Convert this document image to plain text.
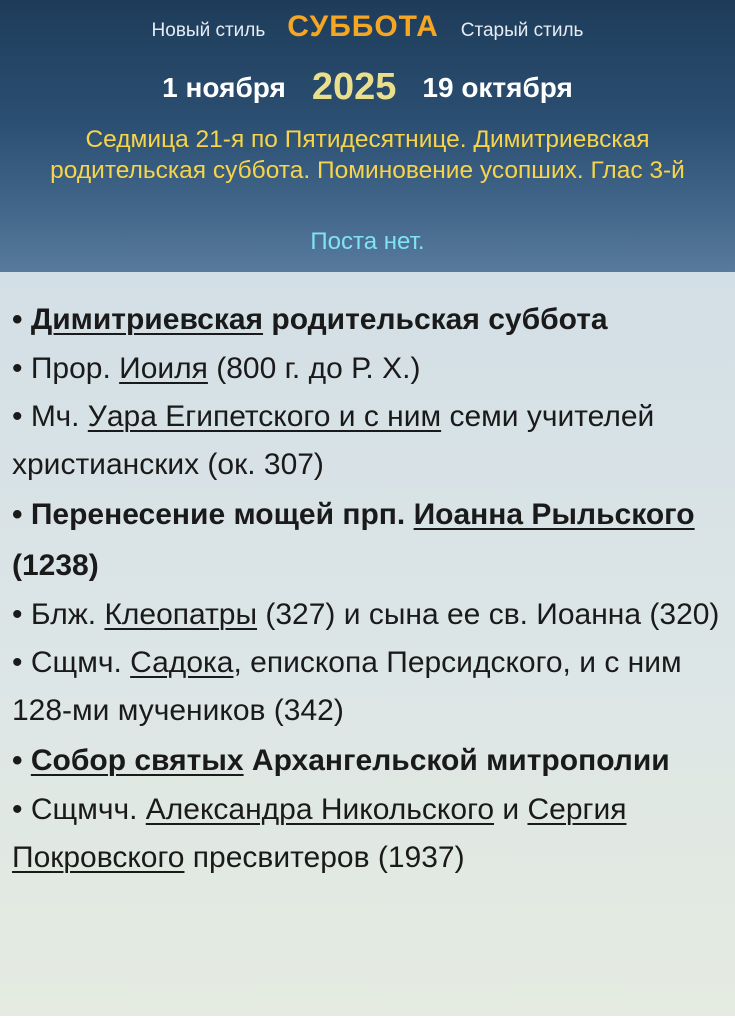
Новый стиль СУББОТА Старый стиль
1 ноября 2025 19 октября
Седмица 21-я по Пятидесятнице. Димитриевская родительская суббота. Поминовение усопших. Глас 3-й
Поста нет.

• Димитриевская родительская суббота

• Прор. Иоиля (800 г. до Р. Х.)

• Мч. Уара Египетского и с ним семи учителей христианских (ок. 307)

• Перенесение мощей прп. Иоанна Рыльского (1238)

• Блж. Клеопатры (327) и сына ее св. Иоанна (320)

• Сщмч. Садока, епископа Персидского, и с ним 128-ми мучеников (342)

• Собор святых Архангельской митрополии

• Сщмчч. Александра Никольского и Сергия Покровского пресвитеров (1937)
